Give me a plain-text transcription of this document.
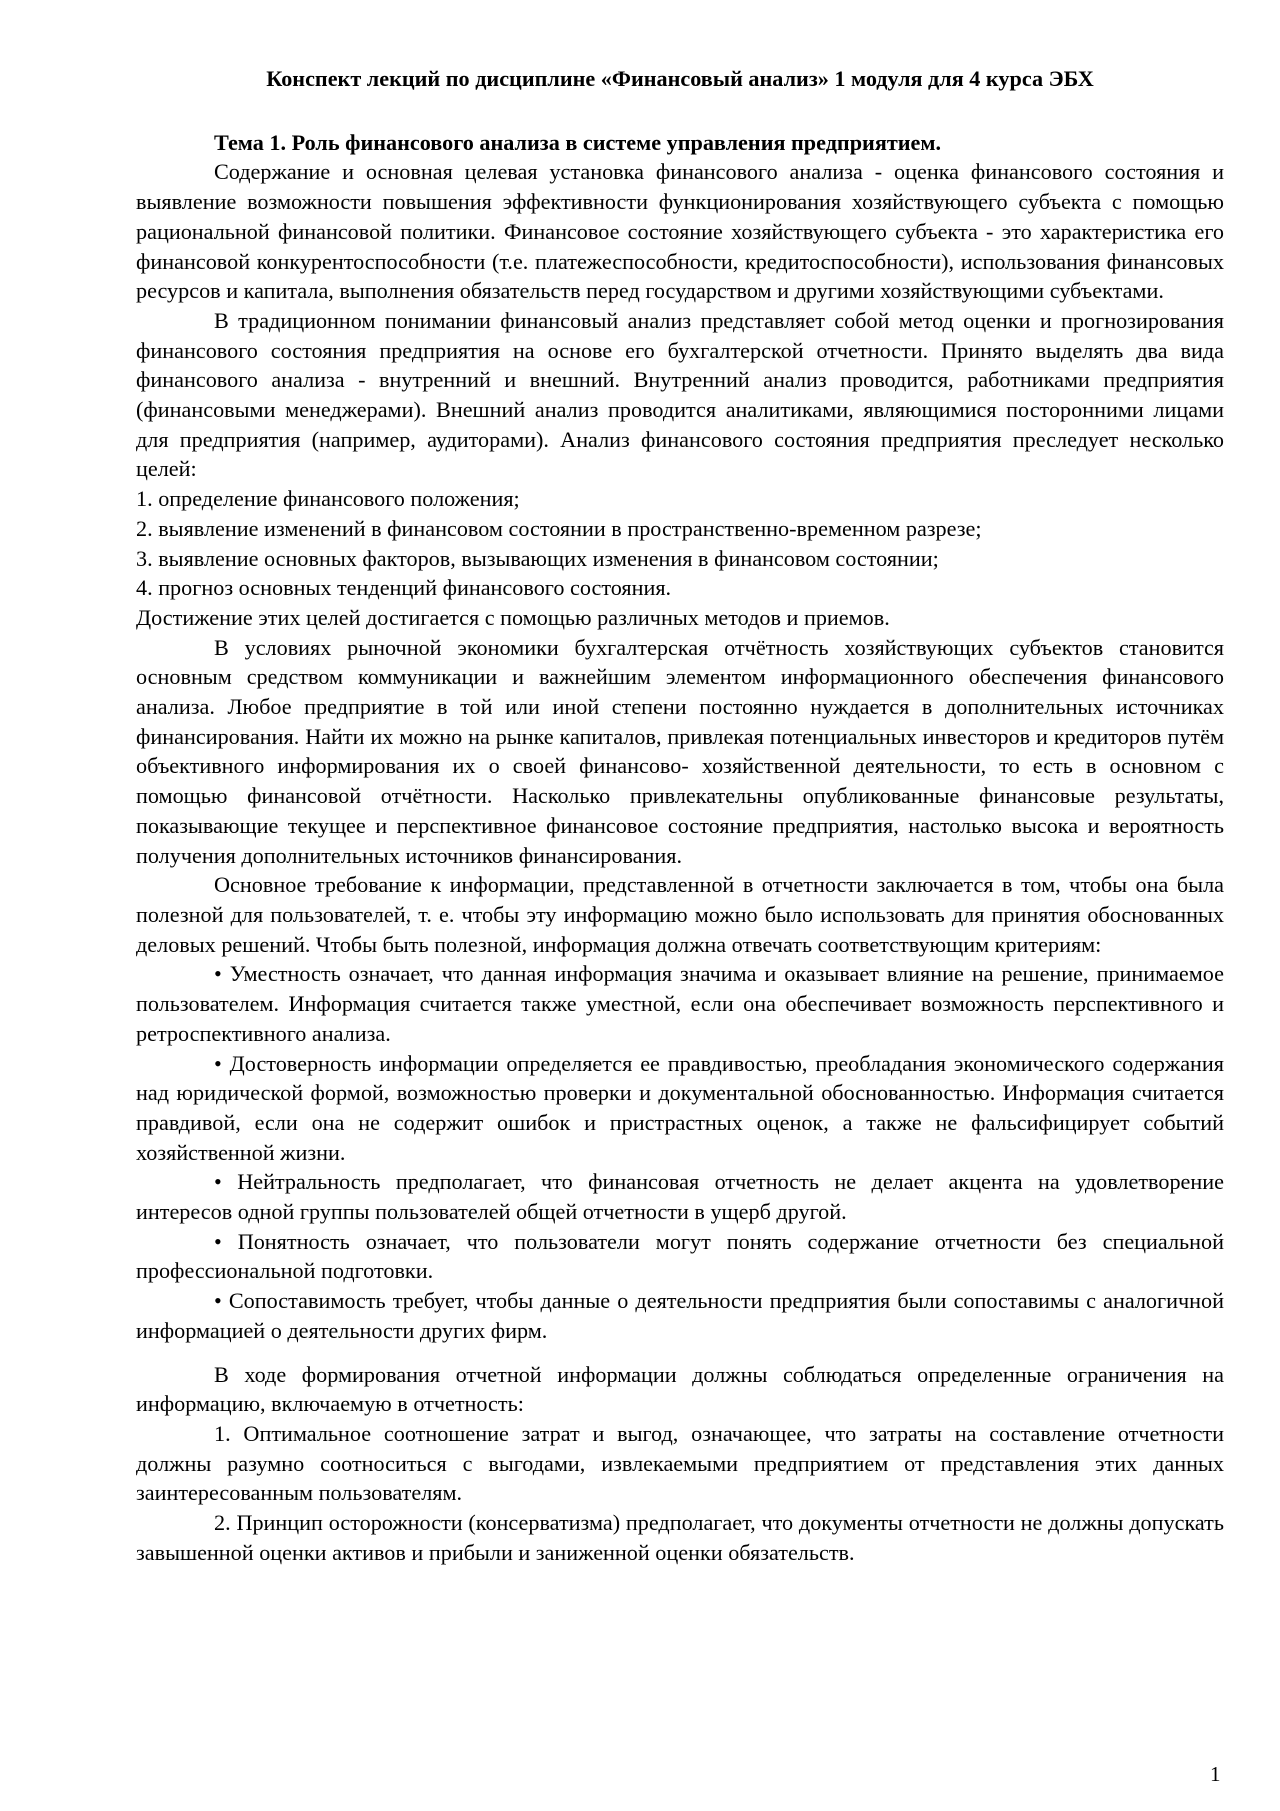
Конспект лекций по дисциплине «Финансовый анализ» 1 модуля для 4 курса ЭБХ

Тема 1. Роль финансового анализа в системе управления предприятием.

Содержание и основная целевая установка финансового анализа - оценка финансового состояния и выявление возможности повышения эффективности функционирования хозяйствующего субъекта с помощью рациональной финансовой политики. Финансовое состояние хозяйствующего субъекта - это характеристика его финансовой конкурентоспособности (т.е. платежеспособности, кредитоспособности), использования финансовых ресурсов и капитала, выполнения обязательств перед государством и другими хозяйствующими субъектами.

В традиционном понимании финансовый анализ представляет собой метод оценки и прогнозирования финансового состояния предприятия на основе его бухгалтерской отчетности. Принято выделять два вида финансового анализа - внутренний и внешний. Внутренний анализ проводится, работниками предприятия (финансовыми менеджерами). Внешний анализ проводится аналитиками, являющимися посторонними лицами для предприятия (например, аудиторами). Анализ финансового состояния предприятия преследует несколько целей:

1. определение финансового положения;

2. выявление изменений в финансовом состоянии в пространственно-временном разрезе;

3. выявление основных факторов, вызывающих изменения в финансовом состоянии;

4. прогноз основных тенденций финансового состояния.

Достижение этих целей достигается с помощью различных методов и приемов.

В условиях рыночной экономики бухгалтерская отчётность хозяйствующих субъектов становится основным средством коммуникации и важнейшим элементом информационного обеспечения финансового анализа. Любое предприятие в той или иной степени постоянно нуждается в дополнительных источниках финансирования. Найти их можно на рынке капиталов, привлекая потенциальных инвесторов и кредиторов путём объективного информирования их о своей финансово- хозяйственной деятельности, то есть в основном с помощью финансовой отчётности. Насколько привлекательны опубликованные финансовые результаты, показывающие текущее и перспективное финансовое состояние предприятия, настолько высока и вероятность получения дополнительных источников финансирования.

Основное требование к информации, представленной в отчетности заключается в том, чтобы она была полезной для пользователей, т. е. чтобы эту информацию можно было использовать для принятия обоснованных деловых решений. Чтобы быть полезной, информация должна отвечать соответствующим критериям:

• Уместность означает, что данная информация значима и оказывает влияние на решение, принимаемое пользователем. Информация считается также уместной, если она обеспечивает возможность перспективного и ретроспективного анализа.

• Достоверность информации определяется ее правдивостью, преобладания экономического содержания над юридической формой, возможностью проверки и документальной обоснованностью. Информация считается правдивой, если она не содержит ошибок и пристрастных оценок, а также не фальсифицирует событий хозяйственной жизни.

• Нейтральность предполагает, что финансовая отчетность не делает акцента на удовлетворение интересов одной группы пользователей общей отчетности в ущерб другой.

• Понятность означает, что пользователи могут понять содержание отчетности без специальной профессиональной подготовки.

• Сопоставимость требует, чтобы данные о деятельности предприятия были сопоставимы с аналогичной информацией о деятельности других фирм.

В ходе формирования отчетной информации должны соблюдаться определенные ограничения на информацию, включаемую в отчетность:

1. Оптимальное соотношение затрат и выгод, означающее, что затраты на составление отчетности должны разумно соотноситься с выгодами, извлекаемыми предприятием от представления этих данных заинтересованным пользователям.

2. Принцип осторожности (консерватизма) предполагает, что документы отчетности не должны допускать завышенной оценки активов и прибыли и заниженной оценки обязательств.

1
